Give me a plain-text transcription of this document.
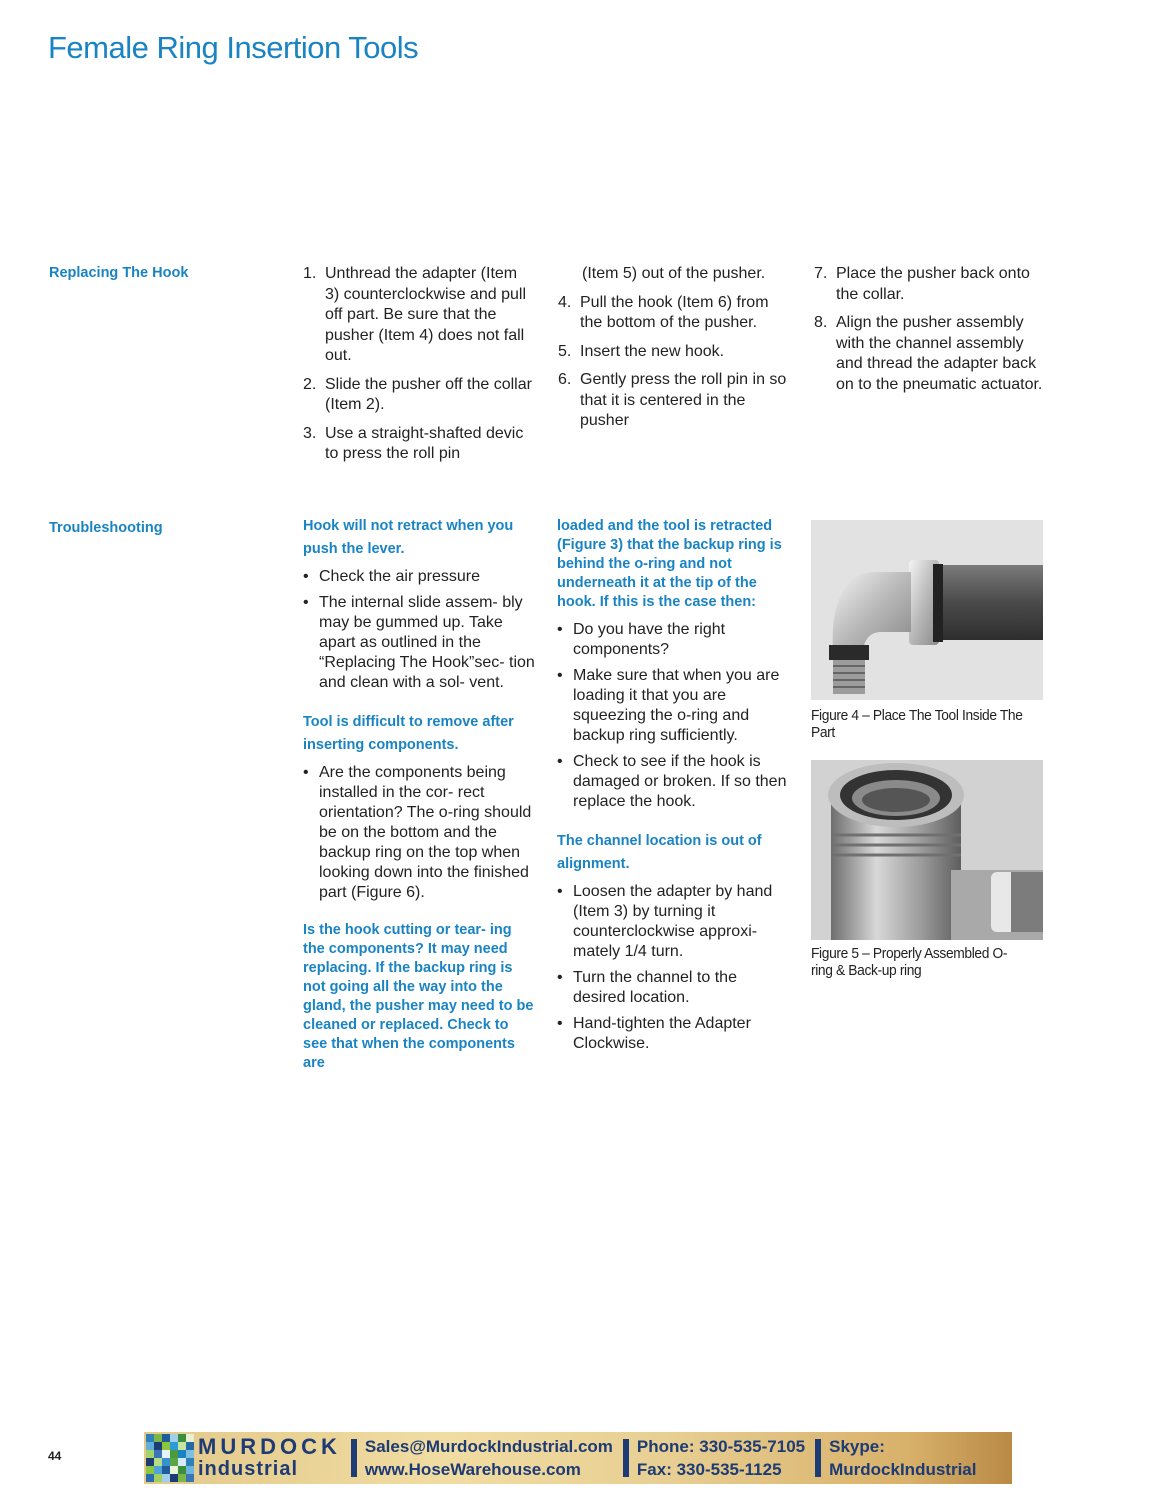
Female Ring Insertion Tools
Replacing The Hook	1. Unthread the adapter (Item 3) counterclockwise and pull off part. Be sure that the pusher (Item 4) does not fall out.
2. Slide the pusher off the collar (Item 2).
3. Use a straight-shafted devic to press the roll pin
(Item 5) out of the pusher.
4. Pull the hook (Item 6) from the bottom of the pusher.
5. Insert the new hook.
6. Gently press the roll pin in so that it is centered in the pusher
7. Place the pusher back onto the collar.
8. Align the pusher assembly with the channel assembly and thread the adapter back on to the pneumatic actuator.
Troubleshooting	Hook will not retract when you push the lever.
• Check the air pressure
• The internal slide assem- bly may be gummed up. Take apart as outlined in the “Replacing The Hook”sec- tion and clean with a sol- vent.
Tool is difficult to remove after inserting components.
• Are the components being installed in the cor- rect orientation? The o-ring should be on the bottom and the backup ring on the top when looking down into the finished part (Figure 6).
Is the hook cutting or tear- ing the components? It may need replacing. If the backup ring is not going all the way into the gland, the pusher may need to be cleaned or replaced. Check to see that when the components are
loaded and the tool is retracted (Figure 3) that the backup ring is behind the o-ring and not underneath it at the tip of the hook. If this is the case then:
• Do you have the right components?
• Make sure that when you are loading it that you are squeezing the o-ring and backup ring sufficiently.
• Check to see if the hook is damaged or broken. If so then replace the hook.
The channel location is out of alignment.
• Loosen the adapter by hand (Item 3) by turning it counterclockwise approxi- mately 1/4 turn.
• Turn the channel to the desired location.
• Hand-tighten the Adapter Clockwise.
Figure 4 – Place The Tool Inside The Part
Figure 5 – Properly Assembled O-ring & Back-up ring
44	MURDOCK
industrial
Sales@MurdockIndustrial.com
www.HoseWarehouse.com
Phone: 330-535-7105
Fax: 330-535-1125
Skype:
MurdockIndustrial
